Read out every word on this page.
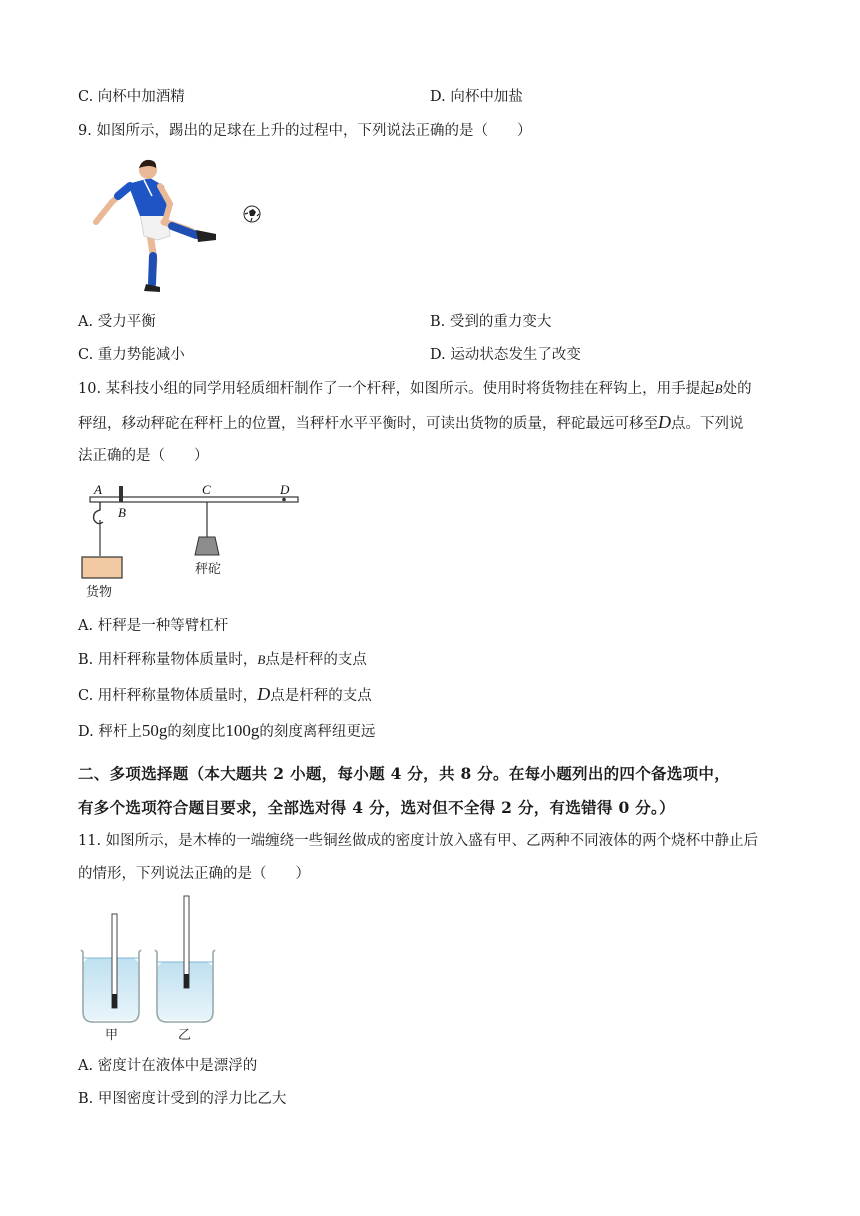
C. 向杯中加酒精	D. 向杯中加盐
9. 如图所示，踢出的足球在上升的过程中，下列说法正确的是（　　）
A. 受力平衡	B. 受到的重力变大
C. 重力势能减小	D. 运动状态发生了改变
10. 某科技小组的同学用轻质细杆制作了一个杆秤，如图所示。使用时将货物挂在秤钩上，用手提起B处的
秤纽，移动秤砣在秤杆上的位置，当秤杆水平平衡时，可读出货物的质量，秤砣最远可移至D点。下列说
法正确的是（　　）
A
B
C	D
秤砣
货物
A. 杆秤是一种等臂杠杆
B. 用杆秤称量物体质量时，B点是杆秤的支点
C. 用杆秤称量物体质量时，D点是杆秤的支点
D. 秤杆上50g的刻度比100g的刻度离秤纽更远
二、多项选择题（本大题共 2 小题，每小题 4 分，共 8 分。在每小题列出的四个备选项中，
有多个选项符合题目要求，全部选对得 4 分，选对但不全得 2 分，有选错得 0 分。）
11. 如图所示，是木棒的一端缠绕一些铜丝做成的密度计放入盛有甲、乙两种不同液体的两个烧杯中静止后
的情形，下列说法正确的是（　　）
甲	乙
A. 密度计在液体中是漂浮的
B. 甲图密度计受到的浮力比乙大
